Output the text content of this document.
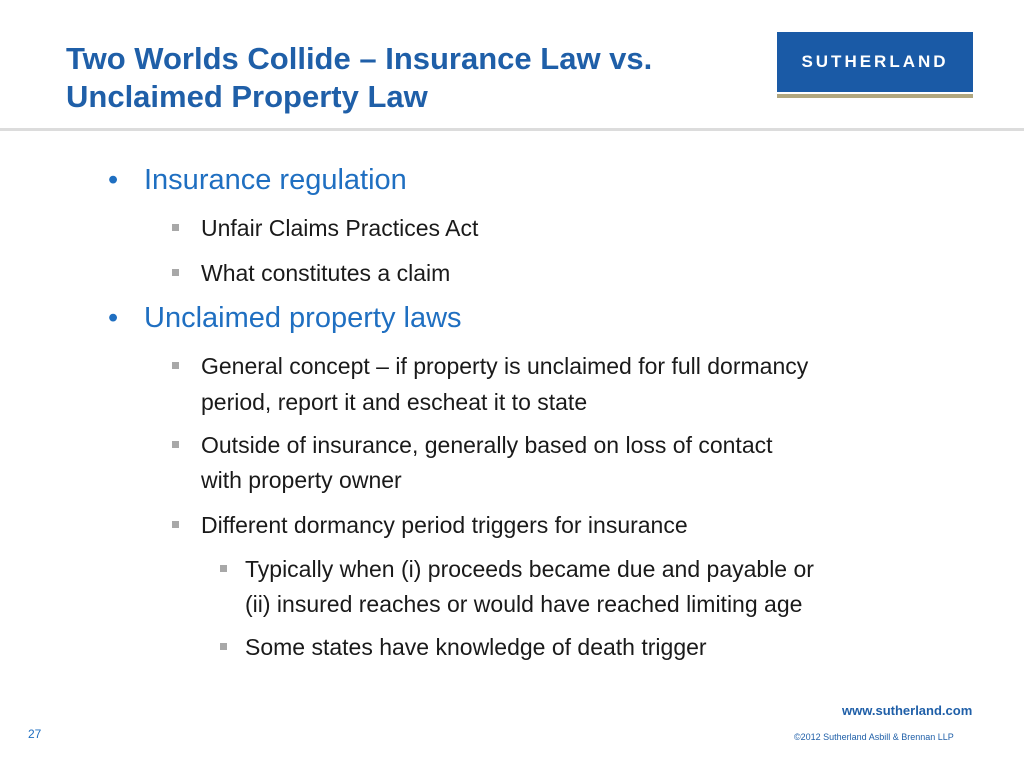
Two Worlds Collide – Insurance Law vs.
Unclaimed Property Law
SUTHERLAND
• Insurance regulation
Unfair Claims Practices Act
What constitutes a claim
• Unclaimed property laws
General concept – if property is unclaimed for full dormancy
period, report it and escheat it to state
Outside of insurance, generally based on loss of contact
with property owner
Different dormancy period triggers for insurance
Typically when (i) proceeds became due and payable or
(ii) insured reaches or would have reached limiting age
Some states have knowledge of death trigger
www.sutherland.com
©2012 Sutherland Asbill & Brennan LLP
27
